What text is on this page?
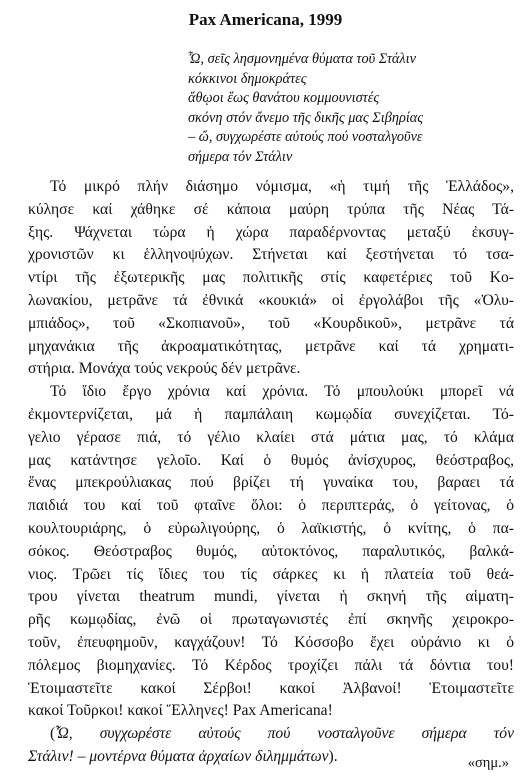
Pax Americana, 1999
Ὦ, σεῖς λησμονημένα θύματα τοῦ Στάλιν
κόκκινοι δημοκράτες
ἄθῳοι ἕως θανάτου κομμουνιστές
σκόνη στόν ἄνεμο τῆς δικῆς μας Σιβηρίας
– ὤ, συγχωρέστε αὐτούς πού νοσταλγοῦνε
σήμερα τόν Στάλιν
Τό μικρό πλήν διάσημο νόμισμα, «ἡ τιμή τῆς Ἑλλάδος»,
κύλησε καί χάθηκε σέ κάποια μαύρη τρύπα τῆς Νέας Τά-
ξης. Ψάχνεται τώρα ἡ χώρα παραδέρνοντας μεταξύ ἐκσυγ-
χρονιστῶν κι ἑλληνοψύχων. Στήνεται καί ξεστήνεται τό τσα-
ντίρι τῆς ἐξωτερικῆς μας πολιτικῆς στίς καφετέριες τοῦ Κο-
λωνακίου, μετρᾶνε τά ἐθνικά «κουκιά» οἱ ἐργολάβοι τῆς «Ὀλυ-
μπιάδος», τοῦ «Σκοπιανοῦ», τοῦ «Κουρδικοῦ», μετρᾶνε τά
μηχανάκια τῆς ἀκροαματικότητας, μετρᾶνε καί τά χρηματι-
στήρια. Μονάχα τούς νεκρούς δέν μετρᾶνε.
Τό ἴδιο ἔργο χρόνια καί χρόνια. Τό μπουλούκι μπορεῖ νά
ἐκμοντερνίζεται, μά ἡ παμπάλαιη κωμῳδία συνεχίζεται. Τό-
γελιο γέρασε πιά, τό γέλιο κλαίει στά μάτια μας, τό κλάμα
μας κατάντησε γελοῖο. Καί ὁ θυμός ἀνίσχυρος, θεόστραβος,
ἕνας μπεκρούλιακας πού βρίζει τή γυναίκα του, βαραει τά
παιδιά του καί τοῦ φταῖνε ὅλοι: ὁ περιπτεράς, ὁ γείτονας, ὁ
κουλτουριάρης, ὁ εὐρωλιγούρης, ὁ λαϊκιστής, ὁ κνίτης, ὁ πα-
σόκος. Θεόστραβος θυμός, αὐτοκτόνος, παραλυτικός, βαλκά-
νιος. Τρῶει τίς ἴδιες του τίς σάρκες κι ἡ πλατεία τοῦ θεά-
τρου γίνεται theatrum mundi, γίνεται ἡ σκηνή τῆς αἱματη-
ρῆς κωμῳδίας, ἐνῶ οἱ πρωταγωνιστές ἐπί σκηνῆς χειροκρο-
τοῦν, ἐπευφημοῦν, καγχάζουν! Τό Κόσσοβο ἔχει οὐράνιο κι ὁ
πόλεμος βιομηχανίες. Τό Κέρδος τροχίζει πάλι τά δόντια του!
Ἑτοιμαστεῖτε κακοί Σέρβοι! κακοί Ἀλβανοί! Ἑτοιμαστεῖτε
κακοί Τοῦρκοι! κακοί Ἕλληνες! Pax Americana!
(Ὦ, συγχωρέστε αὐτούς πού νοσταλγοῦνε σήμερα τόν
Στάλιν! – μοντέρνα θύματα ἀρχαίων διλημμάτων).	«σημ.»
